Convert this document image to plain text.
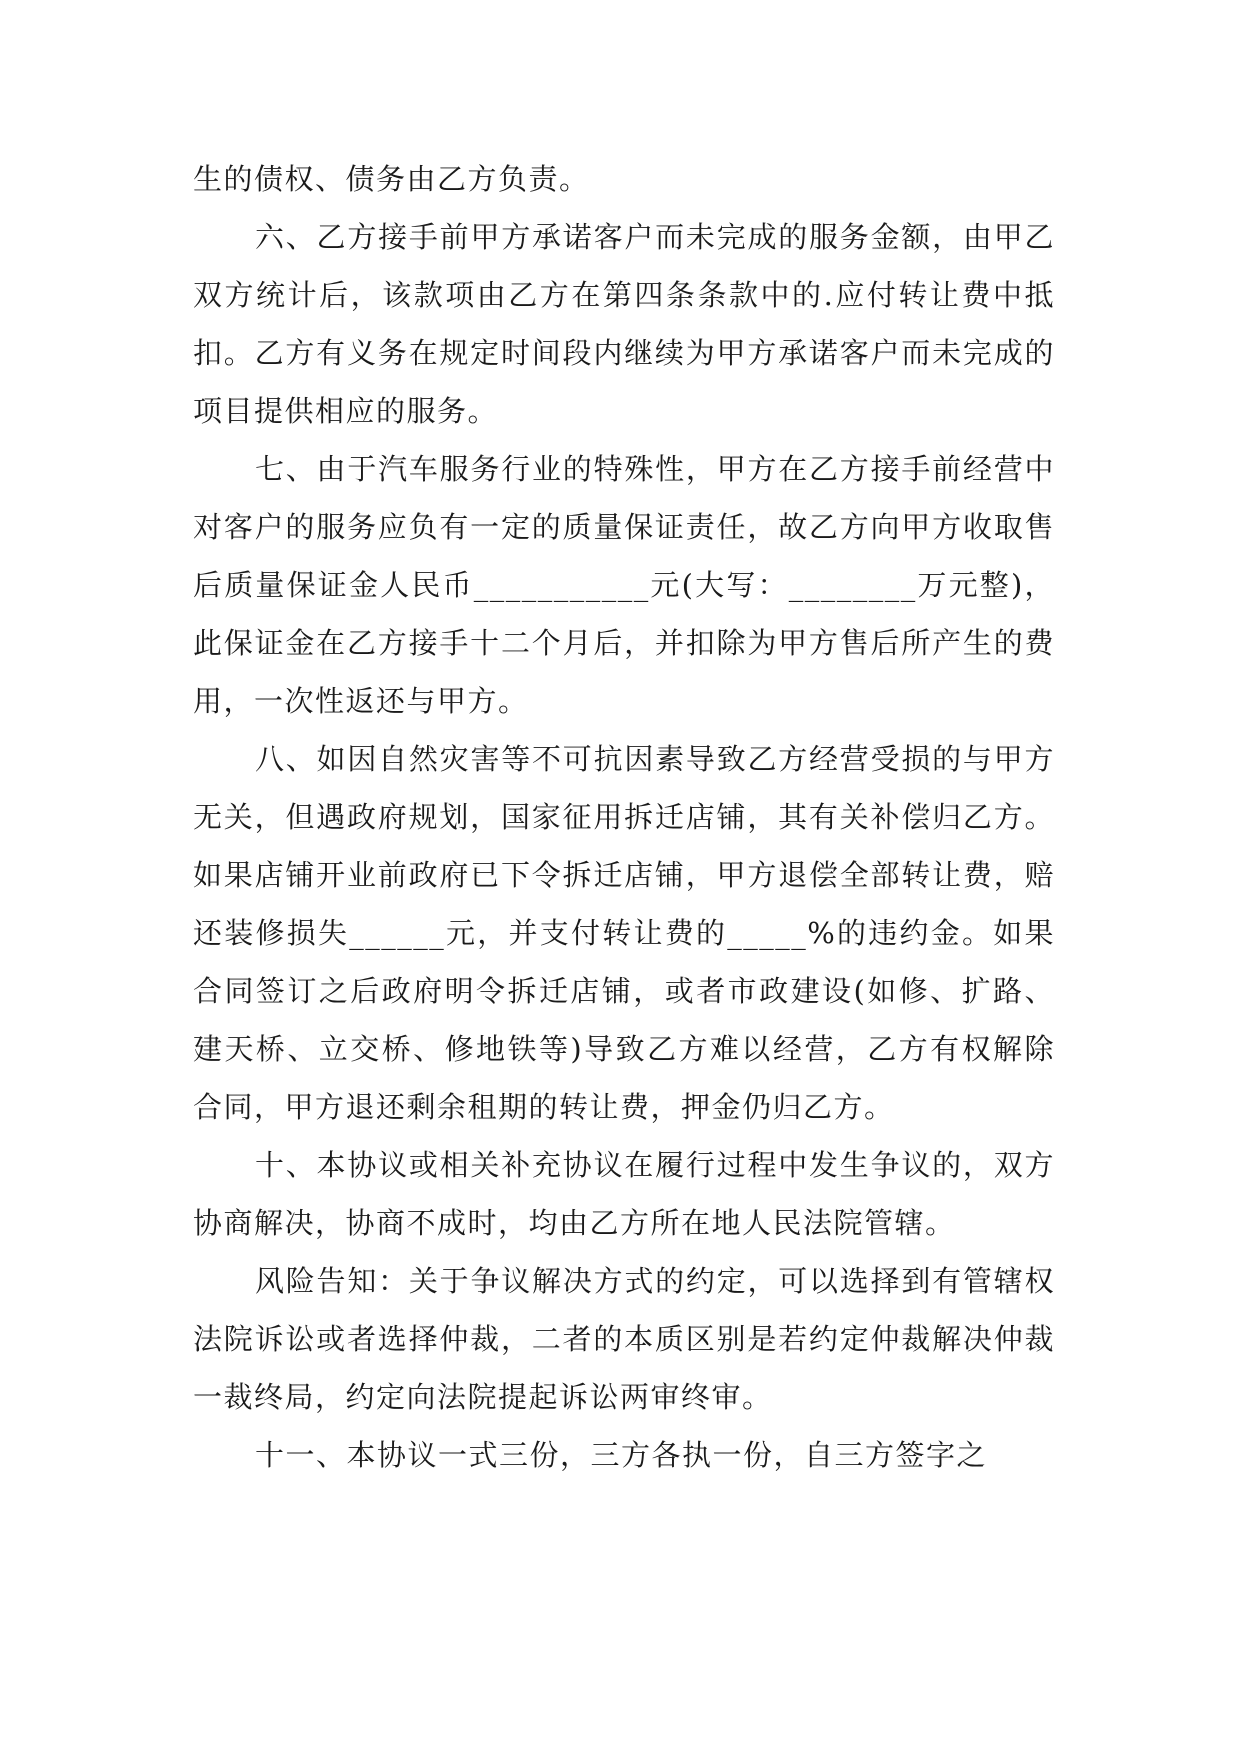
生的债权、债务由乙方负责。

六、乙方接手前甲方承诺客户而未完成的服务金额，由甲乙双方统计后，该款项由乙方在第四条条款中的.应付转让费中抵扣。乙方有义务在规定时间段内继续为甲方承诺客户而未完成的项目提供相应的服务。

七、由于汽车服务行业的特殊性，甲方在乙方接手前经营中对客户的服务应负有一定的质量保证责任，故乙方向甲方收取售后质量保证金人民币___________元(大写：________万元整)，此保证金在乙方接手十二个月后，并扣除为甲方售后所产生的费用，一次性返还与甲方。

八、如因自然灾害等不可抗因素导致乙方经营受损的与甲方无关，但遇政府规划，国家征用拆迁店铺，其有关补偿归乙方。如果店铺开业前政府已下令拆迁店铺，甲方退偿全部转让费，赔还装修损失______元，并支付转让费的_____%的违约金。如果合同签订之后政府明令拆迁店铺，或者市政建设(如修、扩路、建天桥、立交桥、修地铁等)导致乙方难以经营，乙方有权解除合同，甲方退还剩余租期的转让费，押金仍归乙方。

十、本协议或相关补充协议在履行过程中发生争议的，双方协商解决，协商不成时，均由乙方所在地人民法院管辖。

风险告知：关于争议解决方式的约定，可以选择到有管辖权法院诉讼或者选择仲裁，二者的本质区别是若约定仲裁解决仲裁一裁终局，约定向法院提起诉讼两审终审。

十一、本协议一式三份，三方各执一份，自三方签字之
